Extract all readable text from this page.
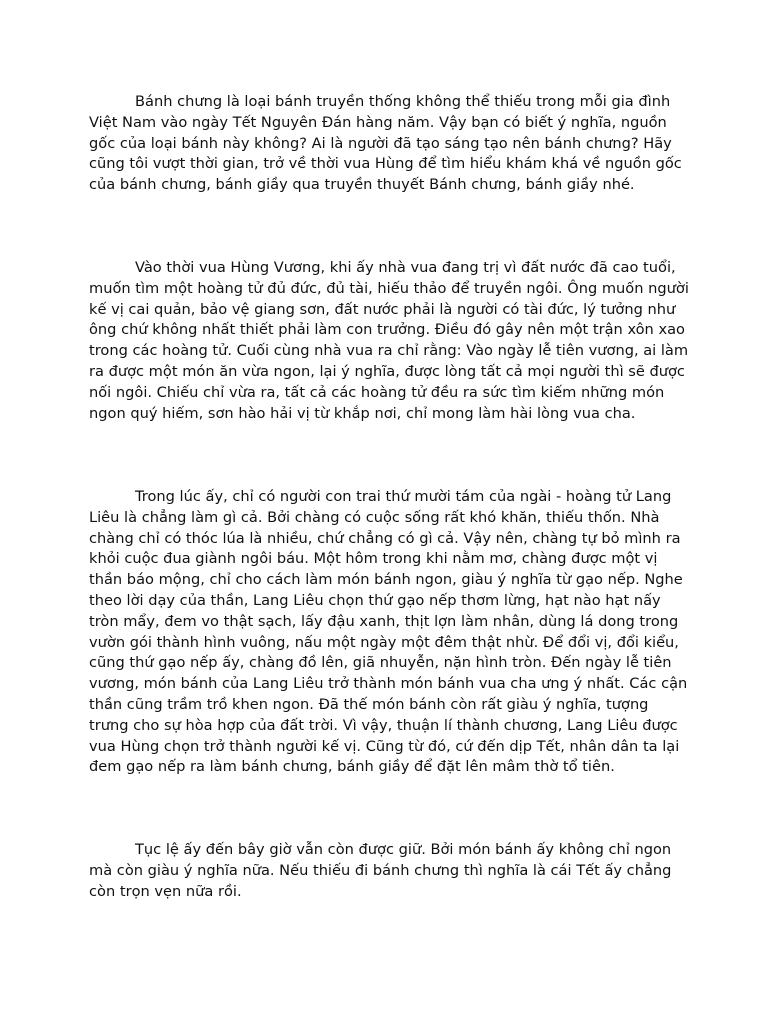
Bánh chưng là loại bánh truyền thống không thể thiếu trong mỗi gia đình Việt Nam vào ngày Tết Nguyên Đán hàng năm. Vậy bạn có biết ý nghĩa, nguồn gốc của loại bánh này không? Ai là người đã tạo sáng tạo nên bánh chưng? Hãy cũng tôi vượt thời gian, trở về thời vua Hùng để tìm hiểu khám khá về nguồn gốc của bánh chưng, bánh giầy qua truyền thuyết Bánh chưng, bánh giầy nhé.

Vào thời vua Hùng Vương, khi ấy nhà vua đang trị vì đất nước đã cao tuổi, muốn tìm một hoàng tử đủ đức, đủ tài, hiếu thảo để truyền ngôi. Ông muốn người kế vị cai quản, bảo vệ giang sơn, đất nước phải là người có tài đức, lý tưởng như ông chứ không nhất thiết phải làm con trưởng. Điều đó gây nên một trận xôn xao trong các hoàng tử. Cuối cùng nhà vua ra chỉ rằng: Vào ngày lễ tiên vương, ai làm ra được một món ăn vừa ngon, lại ý nghĩa, được lòng tất cả mọi người thì sẽ được nối ngôi. Chiếu chỉ vừa ra, tất cả các hoàng tử đều ra sức tìm kiếm những món ngon quý hiếm, sơn hào hải vị từ khắp nơi, chỉ mong làm hài lòng vua cha.

Trong lúc ấy, chỉ có người con trai thứ mười tám của ngài - hoàng tử Lang Liêu là chẳng làm gì cả. Bởi chàng có cuộc sống rất khó khăn, thiếu thốn. Nhà chàng chỉ có thóc lúa là nhiều, chứ chẳng có gì cả. Vậy nên, chàng tự bỏ mình ra khỏi cuộc đua giành ngôi báu. Một hôm trong khi nằm mơ, chàng được một vị thần báo mộng, chỉ cho cách làm món bánh ngon, giàu ý nghĩa từ gạo nếp. Nghe theo lời dạy của thần, Lang Liêu chọn thứ gạo nếp thơm lừng, hạt nào hạt nấy tròn mẩy, đem vo thật sạch, lấy đậu xanh, thịt lợn làm nhân, dùng lá dong trong vườn gói thành hình vuông, nấu một ngày một đêm thật nhừ. Để đổi vị, đổi kiểu, cũng thứ gạo nếp ấy, chàng đồ lên, giã nhuyễn, nặn hình tròn. Đến ngày lễ tiên vương, món bánh của Lang Liêu trở thành món bánh vua cha ưng ý nhất. Các cận thần cũng trầm trồ khen ngon. Đã thế món bánh còn rất giàu ý nghĩa, tượng trưng cho sự hòa hợp của đất trời. Vì vậy, thuận lí thành chương, Lang Liêu được vua Hùng chọn trở thành người kế vị. Cũng từ đó, cứ đến dịp Tết, nhân dân ta lại đem gạo nếp ra làm bánh chưng, bánh giầy để đặt lên mâm thờ tổ tiên.

Tục lệ ấy đến bây giờ vẫn còn được giữ. Bởi món bánh ấy không chỉ ngon mà còn giàu ý nghĩa nữa. Nếu thiếu đi bánh chưng thì nghĩa là cái Tết ấy chẳng còn trọn vẹn nữa rồi.
